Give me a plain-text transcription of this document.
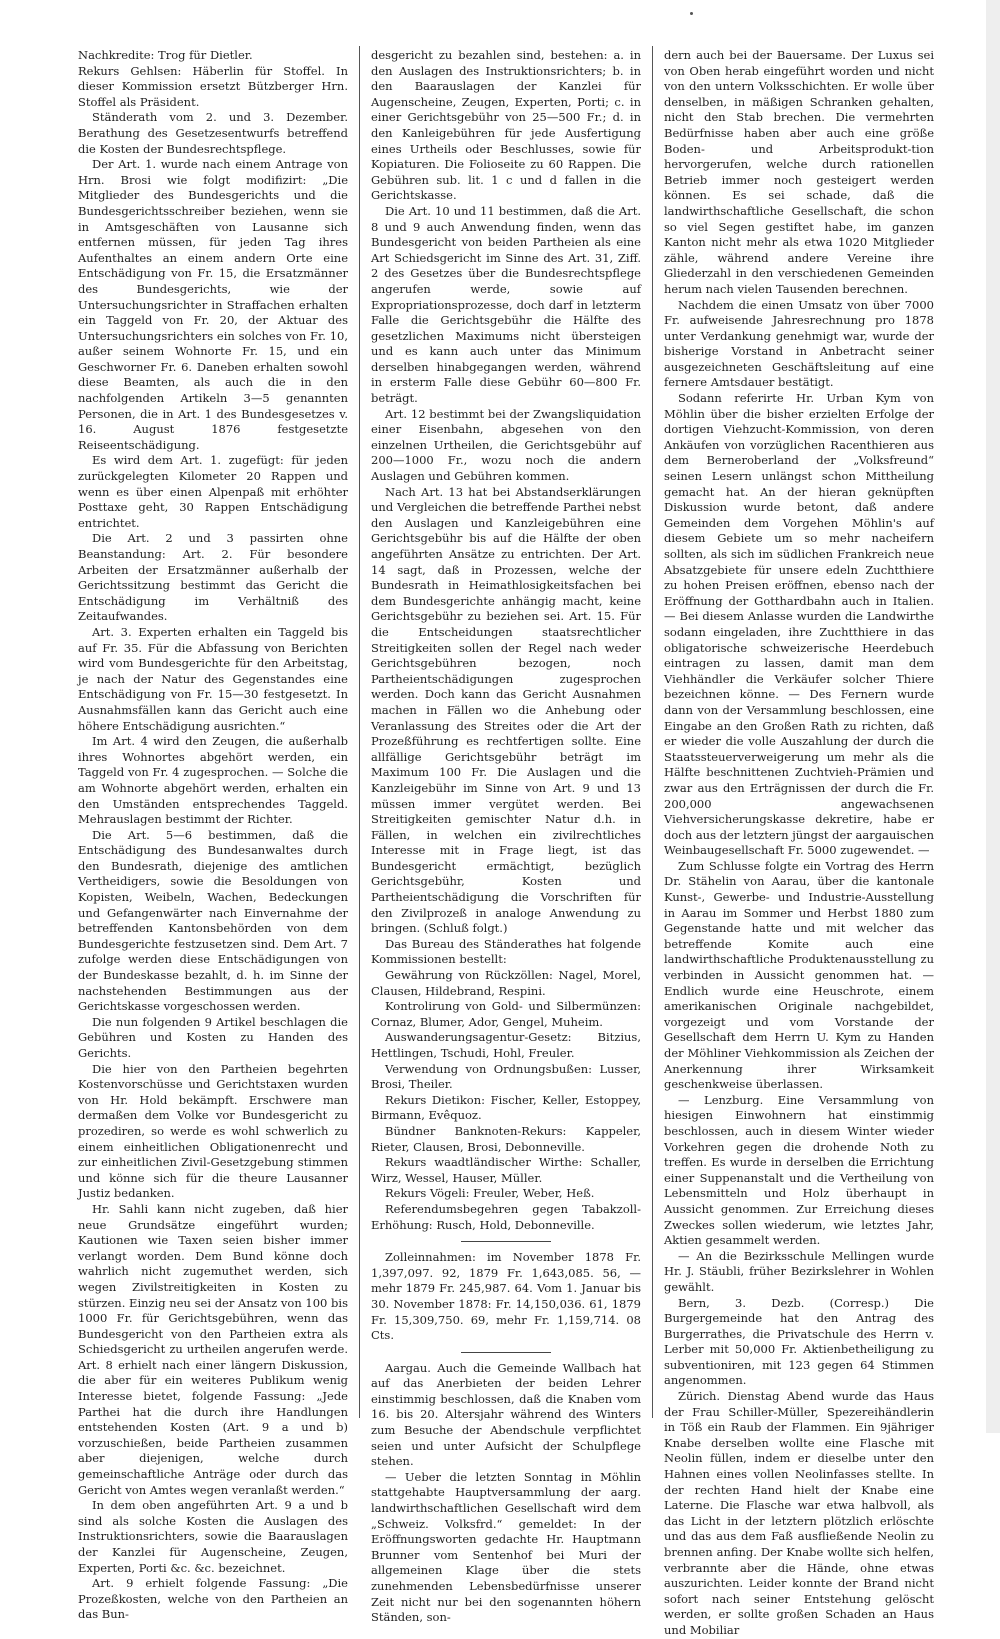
Nachkredite: Trog für Dietler.

Rekurs Gehlsen: Häberlin für Stoffel. In dieser Kommission ersetzt Bützberger Hrn. Stoffel als Präsident.

Ständerath vom 2. und 3. Dezember. Berathung des Gesetzesentwurfs betreffend die Kosten der Bundesrechtspflege.

Der Art. 1. wurde nach einem Antrage von Hrn. Brosi wie folgt modifizirt: „Die Mitglieder des Bundesgerichts und die Bundesgerichtsschreiber beziehen, wenn sie in Amtsgeschäften von Lausanne sich entfernen müssen, für jeden Tag ihres Aufenthaltes an einem andern Orte eine Entschädigung von Fr. 15, die Ersatzmänner des Bundesgerichts, wie der Untersuchungsrichter in Straffachen erhalten ein Taggeld von Fr. 20, der Aktuar des Untersuchungsrichters ein solches von Fr. 10, außer seinem Wohnorte Fr. 15, und ein Geschworner Fr. 6. Daneben erhalten sowohl diese Beamten, als auch die in den nachfolgenden Artikeln 3—5 genannten Personen, die in Art. 1 des Bundesgesetzes v. 16. August 1876 festgesetzte Reiseentschädigung.

Es wird dem Art. 1. zugefügt: für jeden zurückgelegten Kilometer 20 Rappen und wenn es über einen Alpenpaß mit erhöhter Posttaxe geht, 30 Rappen Entschädigung entrichtet.

Die Art. 2 und 3 passirten ohne Beanstandung: Art. 2. Für besondere Arbeiten der Ersatzmänner außerhalb der Gerichtssitzung bestimmt das Gericht die Entschädigung im Verhältniß des Zeitaufwandes.

Art. 3. Experten erhalten ein Taggeld bis auf Fr. 35. Für die Abfassung von Berichten wird vom Bundesgerichte für den Arbeitstag, je nach der Natur des Gegenstandes eine Entschädigung von Fr. 15—30 festgesetzt. In Ausnahmsfällen kann das Gericht auch eine höhere Entschädigung ausrichten.“

Im Art. 4 wird den Zeugen, die außerhalb ihres Wohnortes abgehört werden, ein Taggeld von Fr. 4 zugesprochen. — Solche die am Wohnorte abgehört werden, erhalten ein den Umständen entsprechendes Taggeld. Mehrauslagen bestimmt der Richter.

Die Art. 5—6 bestimmen, daß die Entschädigung des Bundesanwaltes durch den Bundesrath, diejenige des amtlichen Vertheidigers, sowie die Besoldungen von Kopisten, Weibeln, Wachen, Bedeckungen und Gefangenwärter nach Einvernahme der betreffenden Kantonsbehörden von dem Bundesgerichte festzusetzen sind. Dem Art. 7 zufolge werden diese Entschädigungen von der Bundeskasse bezahlt, d. h. im Sinne der nachstehenden Bestimmungen aus der Gerichtskasse vorgeschossen werden.

Die nun folgenden 9 Artikel beschlagen die Gebühren und Kosten zu Handen des Gerichts.

Die hier von den Partheien begehrten Kostenvorschüsse und Gerichtstaxen wurden von Hr. Hold bekämpft. Erschwere man dermaßen dem Volke vor Bundesgericht zu prozediren, so werde es wohl schwerlich zu einem einheitlichen Obligationenrecht und zur einheitlichen Zivil-Gesetzgebung stimmen und könne sich für die theure Lausanner Justiz bedanken.

Hr. Sahli kann nicht zugeben, daß hier neue Grundsätze eingeführt wurden; Kautionen wie Taxen seien bisher immer verlangt worden. Dem Bund könne doch wahrlich nicht zugemuthet werden, sich wegen Zivilstreitigkeiten in Kosten zu stürzen. Einzig neu sei der Ansatz von 100 bis 1000 Fr. für Gerichtsgebühren, wenn das Bundesgericht von den Partheien extra als Schiedsgericht zu urtheilen angerufen werde. Art. 8 erhielt nach einer längern Diskussion, die aber für ein weiteres Publikum wenig Interesse bietet, folgende Fassung: „Jede Parthei hat die durch ihre Handlungen entstehenden Kosten (Art. 9 a und b) vorzuschießen, beide Partheien zusammen aber diejenigen, welche durch gemeinschaftliche Anträge oder durch das Gericht von Amtes wegen veranlaßt werden.“

In dem oben angeführten Art. 9 a und b sind als solche Kosten die Auslagen des Instruktionsrichters, sowie die Baarauslagen der Kanzlei für Augenscheine, Zeugen, Experten, Porti &c. &c. bezeichnet.

Art. 9 erhielt folgende Fassung: „Die Prozeßkosten, welche von den Partheien an das Bun-

desgericht zu bezahlen sind, bestehen: a. in den Auslagen des Instruktionsrichters; b. in den Baarauslagen der Kanzlei für Augenscheine, Zeugen, Experten, Porti; c. in einer Gerichtsgebühr von 25—500 Fr.; d. in den Kanleigebühren für jede Ausfertigung eines Urtheils oder Beschlusses, sowie für Kopiaturen. Die Folioseite zu 60 Rappen. Die Gebühren sub. lit. 1 c und d fallen in die Gerichtskasse.

Die Art. 10 und 11 bestimmen, daß die Art. 8 und 9 auch Anwendung finden, wenn das Bundesgericht von beiden Partheien als eine Art Schiedsgericht im Sinne des Art. 31, Ziff. 2 des Gesetzes über die Bundesrechtspflege angerufen werde, sowie auf Expropriationsprozesse, doch darf in letzterm Falle die Gerichtsgebühr die Hälfte des gesetzlichen Maximums nicht übersteigen und es kann auch unter das Minimum derselben hinabgegangen werden, während in ersterm Falle diese Gebühr 60—800 Fr. beträgt.

Art. 12 bestimmt bei der Zwangsliquidation einer Eisenbahn, abgesehen von den einzelnen Urtheilen, die Gerichtsgebühr auf 200—1000 Fr., wozu noch die andern Auslagen und Gebühren kommen.

Nach Art. 13 hat bei Abstandserklärungen und Vergleichen die betreffende Parthei nebst den Auslagen und Kanzleigebühren eine Gerichtsgebühr bis auf die Hälfte der oben angeführten Ansätze zu entrichten. Der Art. 14 sagt, daß in Prozessen, welche der Bundesrath in Heimathlosigkeitsfachen bei dem Bundesgerichte anhängig macht, keine Gerichtsgebühr zu beziehen sei. Art. 15. Für die Entscheidungen staatsrechtlicher Streitigkeiten sollen der Regel nach weder Gerichtsgebühren bezogen, noch Partheientschädigungen zugesprochen werden. Doch kann das Gericht Ausnahmen machen in Fällen wo die Anhebung oder Veranlassung des Streites oder die Art der Prozeßführung es rechtfertigen sollte. Eine allfällige Gerichtsgebühr beträgt im Maximum 100 Fr. Die Auslagen und die Kanzleigebühr im Sinne von Art. 9 und 13 müssen immer vergütet werden. Bei Streitigkeiten gemischter Natur d.h. in Fällen, in welchen ein zivilrechtliches Interesse mit in Frage liegt, ist das Bundesgericht ermächtigt, bezüglich Gerichtsgebühr, Kosten und Partheientschädigung die Vorschriften für den Zivilprozeß in analoge Anwendung zu bringen. (Schluß folgt.)

Das Bureau des Ständerathes hat folgende Kommissionen bestellt:

Gewährung von Rückzöllen: Nagel, Morel, Clausen, Hildebrand, Respini.

Kontrolirung von Gold- und Silbermünzen: Cornaz, Blumer, Ador, Gengel, Muheim.

Auswanderungsagentur-Gesetz: Bitzius, Hettlingen, Tschudi, Hohl, Freuler.

Verwendung von Ordnungsbußen: Lusser, Brosi, Theiler.

Rekurs Dietikon: Fischer, Keller, Estoppey, Birmann, Evêquoz.

Bündner Banknoten-Rekurs: Kappeler, Rieter, Clausen, Brosi, Debonneville.

Rekurs waadtländischer Wirthe: Schaller, Wirz, Wessel, Hauser, Müller.

Rekurs Vögeli: Freuler, Weber, Heß.

Referendumsbegehren gegen Tabakzoll-Erhöhung: Rusch, Hold, Debonneville.

Zolleinnahmen: im November 1878 Fr. 1,397,097. 92, 1879 Fr. 1,643,085. 56, — mehr 1879 Fr. 245,987. 64. Vom 1. Januar bis 30. November 1878: Fr. 14,150,036. 61, 1879 Fr. 15,309,750. 69, mehr Fr. 1,159,714. 08 Cts.

Aargau. Auch die Gemeinde Wallbach hat auf das Anerbieten der beiden Lehrer einstimmig beschlossen, daß die Knaben vom 16. bis 20. Altersjahr während des Winters zum Besuche der Abendschule verpflichtet seien und unter Aufsicht der Schulpflege stehen.

— Ueber die letzten Sonntag in Möhlin stattgehabte Hauptversammlung der aarg. landwirthschaftlichen Gesellschaft wird dem „Schweiz. Volksfrd.“ gemeldet: In der Eröffnungsworten gedachte Hr. Hauptmann Brunner vom Sentenhof bei Muri der allgemeinen Klage über die stets zunehmenden Lebensbedürfnisse unserer Zeit nicht nur bei den sogenannten höhern Ständen, son-

dern auch bei der Bauersame. Der Luxus sei von Oben herab eingeführt worden und nicht von den untern Volksschichten. Er wolle über denselben, in mäßigen Schranken gehalten, nicht den Stab brechen. Die vermehrten Bedürfnisse haben aber auch eine größe Boden- und Arbeitsprodukt-tion hervorgerufen, welche durch rationellen Betrieb immer noch gesteigert werden können. Es sei schade, daß die landwirthschaftliche Gesellschaft, die schon so viel Segen gestiftet habe, im ganzen Kanton nicht mehr als etwa 1020 Mitglieder zähle, während andere Vereine ihre Gliederzahl in den verschiedenen Gemeinden herum nach vielen Tausenden berechnen.

Nachdem die einen Umsatz von über 7000 Fr. aufweisende Jahresrechnung pro 1878 unter Verdankung genehmigt war, wurde der bisherige Vorstand in Anbetracht seiner ausgezeichneten Geschäftsleitung auf eine fernere Amtsdauer bestätigt.

Sodann referirte Hr. Urban Kym von Möhlin über die bisher erzielten Erfolge der dortigen Viehzucht-Kommission, von deren Ankäufen von vorzüglichen Racenthieren aus dem Berneroberland der „Volksfreund“ seinen Lesern unlängst schon Mittheilung gemacht hat. An der hieran geknüpften Diskussion wurde betont, daß andere Gemeinden dem Vorgehen Möhlin's auf diesem Gebiete um so mehr nacheifern sollten, als sich im südlichen Frankreich neue Absatzgebiete für unsere edeln Zuchtthiere zu hohen Preisen eröffnen, ebenso nach der Eröffnung der Gotthardbahn auch in Italien. — Bei diesem Anlasse wurden die Landwirthe sodann eingeladen, ihre Zuchtthiere in das obligatorische schweizerische Heerdebuch eintragen zu lassen, damit man dem Viehhändler die Verkäufer solcher Thiere bezeichnen könne. — Des Fernern wurde dann von der Versammlung beschlossen, eine Eingabe an den Großen Rath zu richten, daß er wieder die volle Auszahlung der durch die Staatssteuerverweigerung um mehr als die Hälfte beschnittenen Zuchtvieh-Prämien und zwar aus den Erträgnissen der durch die Fr. 200,000 angewachsenen Viehversicherungskasse dekretire, habe er doch aus der letztern jüngst der aargauischen Weinbaugesellschaft Fr. 5000 zugewendet. —

Zum Schlusse folgte ein Vortrag des Herrn Dr. Stähelin von Aarau, über die kantonale Kunst-, Gewerbe- und Industrie-Ausstellung in Aarau im Sommer und Herbst 1880 zum Gegenstande hatte und mit welcher das betreffende Komite auch eine landwirthschaftliche Produktenausstellung zu verbinden in Aussicht genommen hat. — Endlich wurde eine Heuschrote, einem amerikanischen Originale nachgebildet, vorgezeigt und vom Vorstande der Gesellschaft dem Herrn U. Kym zu Handen der Möhliner Viehkommission als Zeichen der Anerkennung ihrer Wirksamkeit geschenkweise überlassen.

— Lenzburg. Eine Versammlung von hiesigen Einwohnern hat einstimmig beschlossen, auch in diesem Winter wieder Vorkehren gegen die drohende Noth zu treffen. Es wurde in derselben die Errichtung einer Suppenanstalt und die Vertheilung von Lebensmitteln und Holz überhaupt in Aussicht genommen. Zur Erreichung dieses Zweckes sollen wiederum, wie letztes Jahr, Aktien gesammelt werden.

— An die Bezirksschule Mellingen wurde Hr. J. Stäubli, früher Bezirkslehrer in Wohlen gewählt.

Bern, 3. Dezb. (Corresp.) Die Burgergemeinde hat den Antrag des Burgerrathes, die Privatschule des Herrn v. Lerber mit 50,000 Fr. Aktienbetheiligung zu subventioniren, mit 123 gegen 64 Stimmen angenommen.

Zürich. Dienstag Abend wurde das Haus der Frau Schiller-Müller, Spezereihändlerin in Töß ein Raub der Flammen. Ein 9jähriger Knabe derselben wollte eine Flasche mit Neolin füllen, indem er dieselbe unter den Hahnen eines vollen Neolinfasses stellte. In der rechten Hand hielt der Knabe eine Laterne. Die Flasche war etwa halbvoll, als das Licht in der letztern plötzlich erlöschte und das aus dem Faß ausfließende Neolin zu brennen anfing. Der Knabe wollte sich helfen, verbrannte aber die Hände, ohne etwas auszurichten. Leider konnte der Brand nicht sofort nach seiner Entstehung gelöscht werden, er sollte großen Schaden an Haus und Mobiliar
